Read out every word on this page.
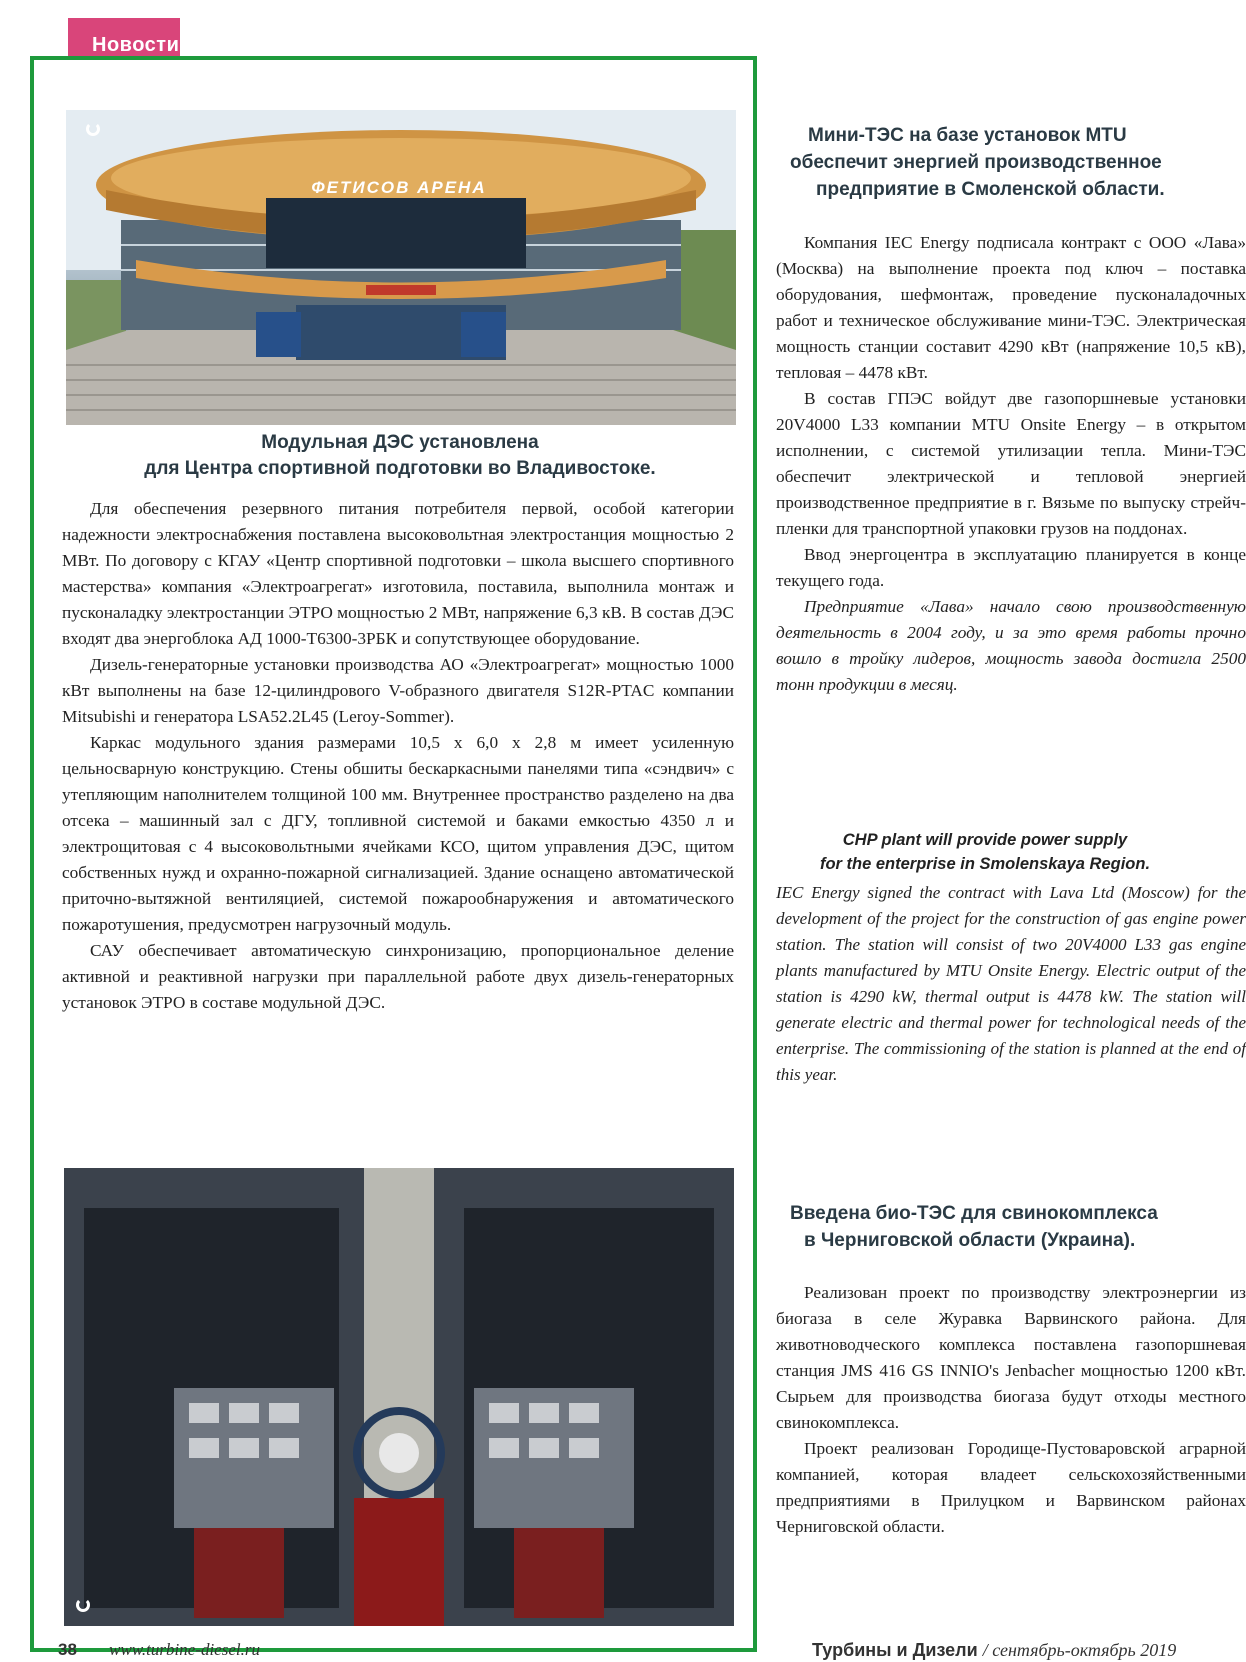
Новости
ФЕТИСОВ АРЕНА
Модульная ДЭС установлена
для Центра спортивной подготовки во Владивостоке.

Для обеспечения резервного питания потребителя первой, особой категории надежности электроснабжения поставлена высоковольтная электростанция мощностью 2 МВт. По договору с КГАУ «Центр спортивной подготовки – школа высшего спортивного мастерства» компания «Электроагрегат» изготовила, поставила, выполнила монтаж и пусконаладку электростанции ЭТРО мощностью 2 МВт, напряжение 6,3 кВ. В состав ДЭС входят два энергоблока АД 1000-Т6300-3РБК и сопутствующее оборудование.

Дизель-генераторные установки производства АО «Электроагрегат» мощностью 1000 кВт выполнены на базе 12-цилиндрового V-образного двигателя S12R-PTAC компании Mitsubishi и генератора LSA52.2L45 (Leroy-Sommer).

Каркас модульного здания размерами 10,5 х 6,0 х 2,8 м имеет усиленную цельносварную конструкцию. Стены обшиты бескаркасными панелями типа «сэндвич» с утепляющим наполнителем толщиной 100 мм. Внутреннее пространство разделено на два отсека – машинный зал с ДГУ, топливной системой и баками емкостью 4350 л и электрощитовая с 4 высоковольтными ячейками КСО, щитом управления ДЭС, щитом собственных нужд и охранно-пожарной сигнализацией. Здание оснащено автоматической приточно-вытяжной вентиляцией, системой пожарообнаружения и автоматического пожаротушения, предусмотрен нагрузочный модуль.

САУ обеспечивает автоматическую синхронизацию, пропорциональное деление активной и реактивной нагрузки при параллельной работе двух дизель-генераторных установок ЭТРО в составе модульной ДЭС.

Мини-ТЭС на базе установок MTU
обеспечит энергией производственное
предприятие в Смоленской области.

Компания IEC Energy подписала контракт с ООО «Лава» (Москва) на выполнение проекта под ключ – поставка оборудования, шефмонтаж, проведение пусконаладочных работ и техническое обслуживание мини-ТЭС. Электрическая мощность станции составит 4290 кВт (напряжение 10,5 кВ), тепловая – 4478 кВт.

В состав ГПЭС войдут две газопоршневые установки 20V4000 L33 компании MTU Onsite Energy – в открытом исполнении, с системой утилизации тепла. Мини-ТЭС обеспечит электрической и тепловой энергией производственное предприятие в г. Вязьме по выпуску стрейч-пленки для транспортной упаковки грузов на поддонах.

Ввод энергоцентра в эксплуатацию планируется в конце текущего года.

Предприятие «Лава» начало свою производственную деятельность в 2004 году, и за это время работы прочно вошло в тройку лидеров, мощность завода достигла 2500 тонн продукции в месяц.

CHP plant will provide power supply
for the enterprise in Smolenskaya Region.

IEC Energy signed the contract with Lava Ltd (Moscow) for the development of the project for the construction of gas engine power station. The station will consist of two 20V4000 L33 gas engine plants manufactured by MTU Onsite Energy. Electric output of the station is 4290 kW, thermal output is 4478 kW. The station will generate electric and thermal power for technological needs of the enterprise. The commissioning of the station is planned at the end of this year.

Введена био-ТЭС для свинокомплекса
в Черниговской области (Украина).

Реализован проект по производству электроэнергии из биогаза в селе Журавка Варвинского района. Для животноводческого комплекса поставлена газопоршневая станция JMS 416 GS INNIO's Jenbacher мощностью 1200 кВт. Сырьем для производства биогаза будут отходы местного свинокомплекса.

Проект реализован Городище-Пустоваровской аграрной компанией, которая владеет сельскохозяйственными предприятиями в Прилуцком и Варвинском районах Черниговской области.

38 www.turbine-diesel.ru	Турбины и Дизели / сентябрь-октябрь 2019
